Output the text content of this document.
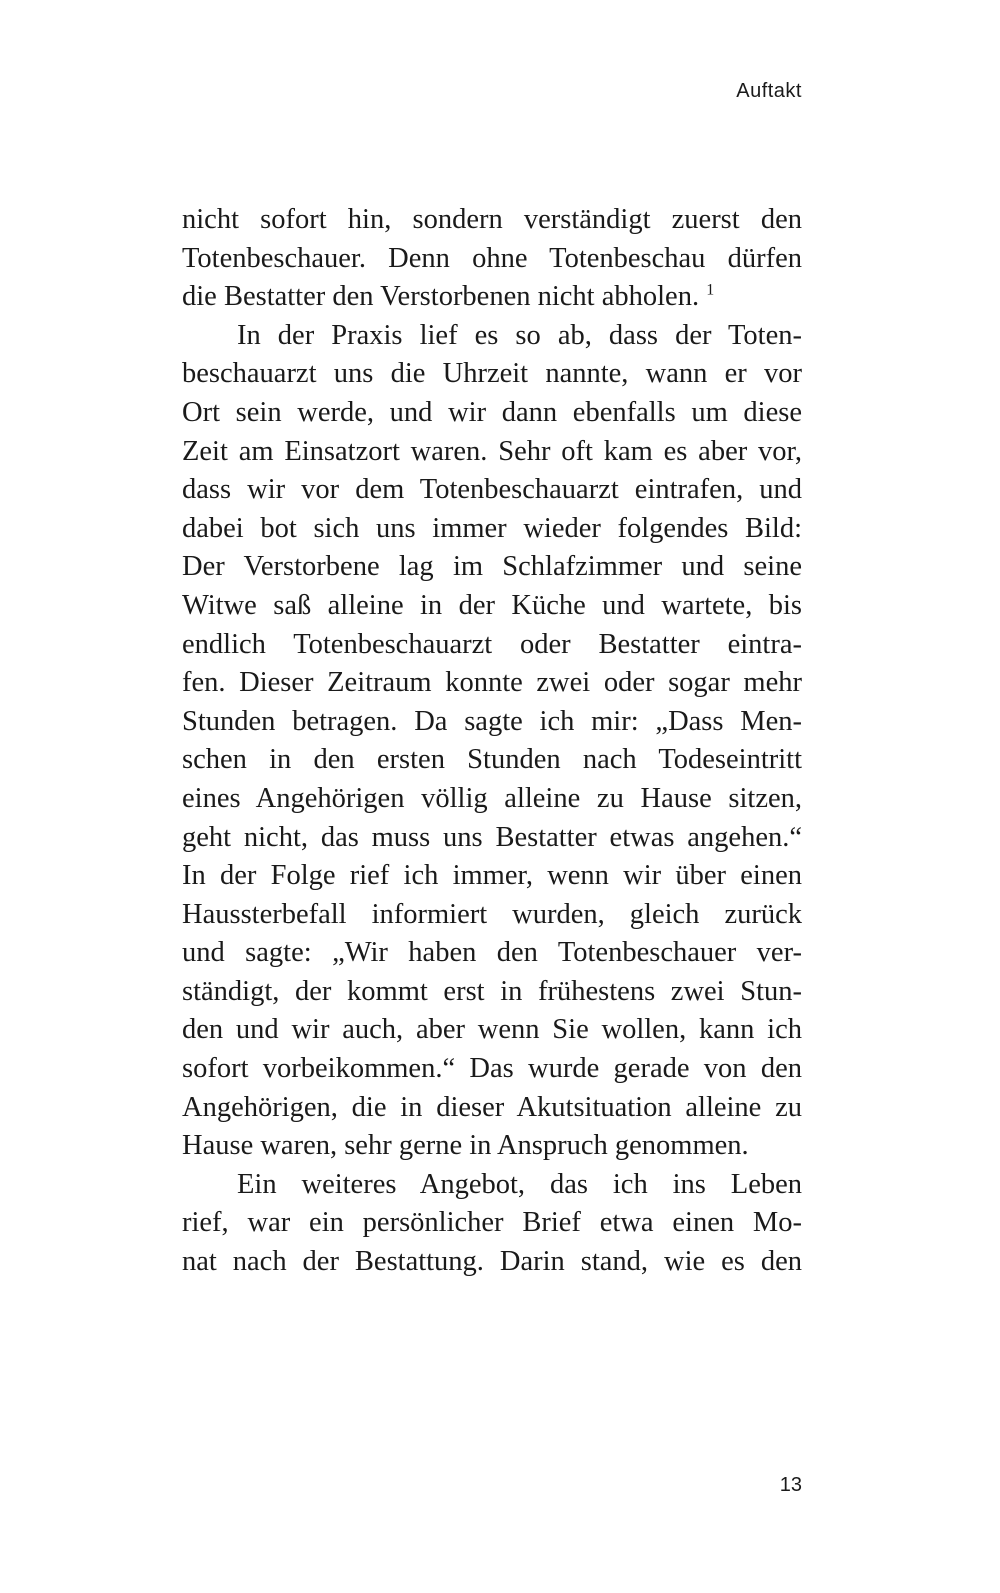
Auftakt
nicht sofort hin, sondern verständigt zuerst den
Totenbeschauer. Denn ohne Totenbeschau dürfen
die Bestatter den Verstorbenen nicht abholen. $^1$
In der Praxis lief es so ab, dass der Toten-
beschauarzt uns die Uhrzeit nannte, wann er vor
Ort sein werde, und wir dann ebenfalls um diese
Zeit am Einsatzort waren. Sehr oft kam es aber vor,
dass wir vor dem Totenbeschauarzt eintrafen, und
dabei bot sich uns immer wieder folgendes Bild:
Der Verstorbene lag im Schlafzimmer und seine
Witwe saß alleine in der Küche und wartete, bis
endlich Totenbeschauarzt oder Bestatter eintra-
fen. Dieser Zeitraum konnte zwei oder sogar mehr
Stunden betragen. Da sagte ich mir: „Dass Men-
schen in den ersten Stunden nach Todeseintritt
eines Angehörigen völlig alleine zu Hause sitzen,
geht nicht, das muss uns Bestatter etwas angehen.“
In der Folge rief ich immer, wenn wir über einen
Haussterbefall informiert wurden, gleich zurück
und sagte: „Wir haben den Totenbeschauer ver-
ständigt, der kommt erst in frühestens zwei Stun-
den und wir auch, aber wenn Sie wollen, kann ich
sofort vorbeikommen.“ Das wurde gerade von den
Angehörigen, die in dieser Akutsituation alleine zu
Hause waren, sehr gerne in Anspruch genommen.
Ein weiteres Angebot, das ich ins Leben
rief, war ein persönlicher Brief etwa einen Mo-
nat nach der Bestattung. Darin stand, wie es den
13
